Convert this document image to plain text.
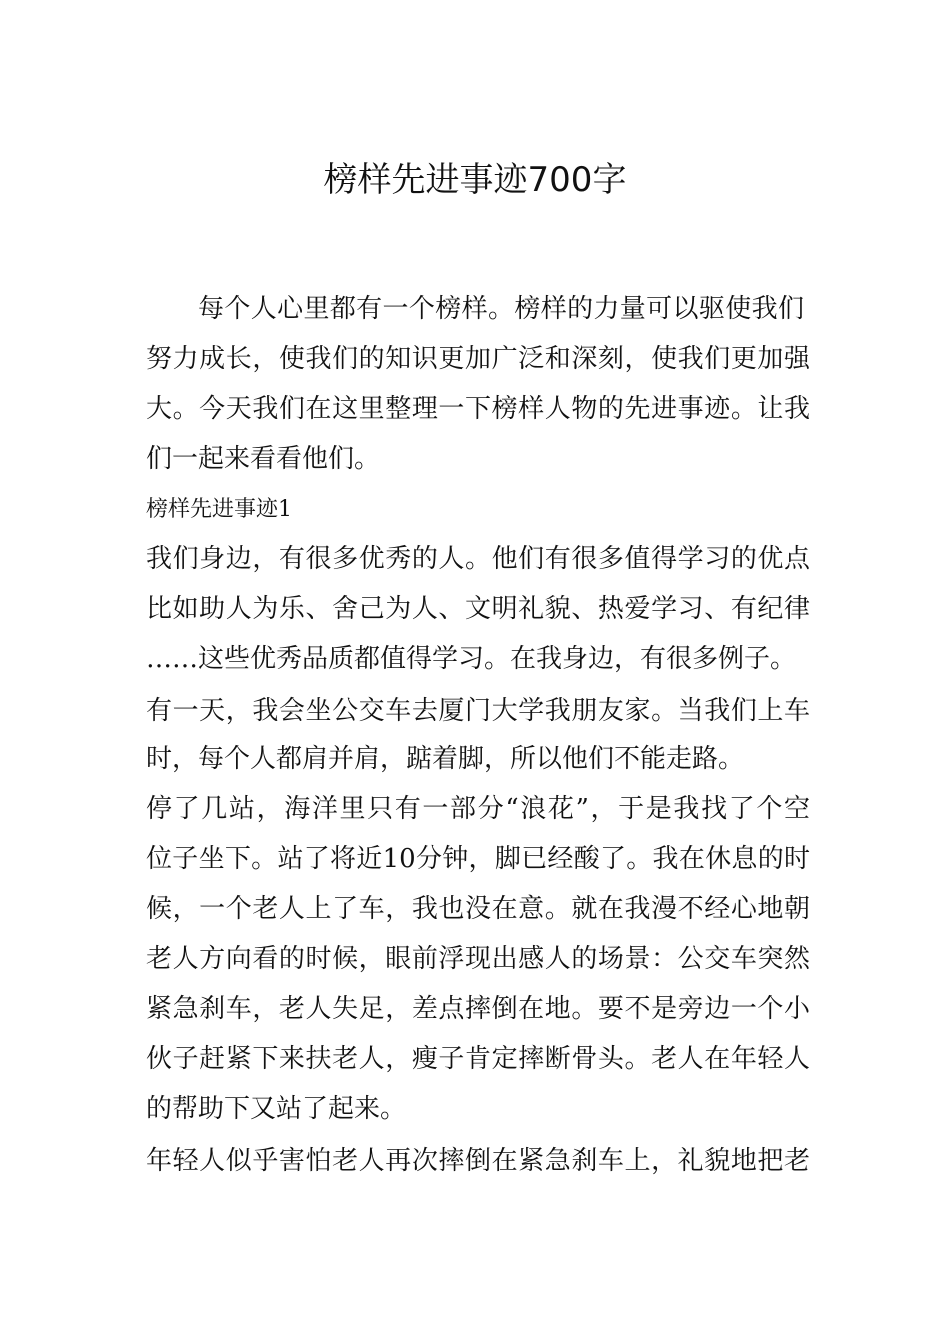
榜样先进事迹700字
每个人心里都有一个榜样。榜样的力量可以驱使我们
努力成长，使我们的知识更加广泛和深刻，使我们更加强
大。今天我们在这里整理一下榜样人物的先进事迹。让我
们一起来看看他们。
榜样先进事迹1
我们身边，有很多优秀的人。他们有很多值得学习的优点
比如助人为乐、舍己为人、文明礼貌、热爱学习、有纪律
……这些优秀品质都值得学习。在我身边，有很多例子。
有一天，我会坐公交车去厦门大学我朋友家。当我们上车
时，每个人都肩并肩，踮着脚，所以他们不能走路。
停了几站，海洋里只有一部分“浪花”，于是我找了个空
位子坐下。站了将近10分钟，脚已经酸了。我在休息的时
候，一个老人上了车，我也没在意。就在我漫不经心地朝
老人方向看的时候，眼前浮现出感人的场景：公交车突然
紧急刹车，老人失足，差点摔倒在地。要不是旁边一个小
伙子赶紧下来扶老人，瘦子肯定摔断骨头。老人在年轻人
的帮助下又站了起来。
年轻人似乎害怕老人再次摔倒在紧急刹车上，礼貌地把老
